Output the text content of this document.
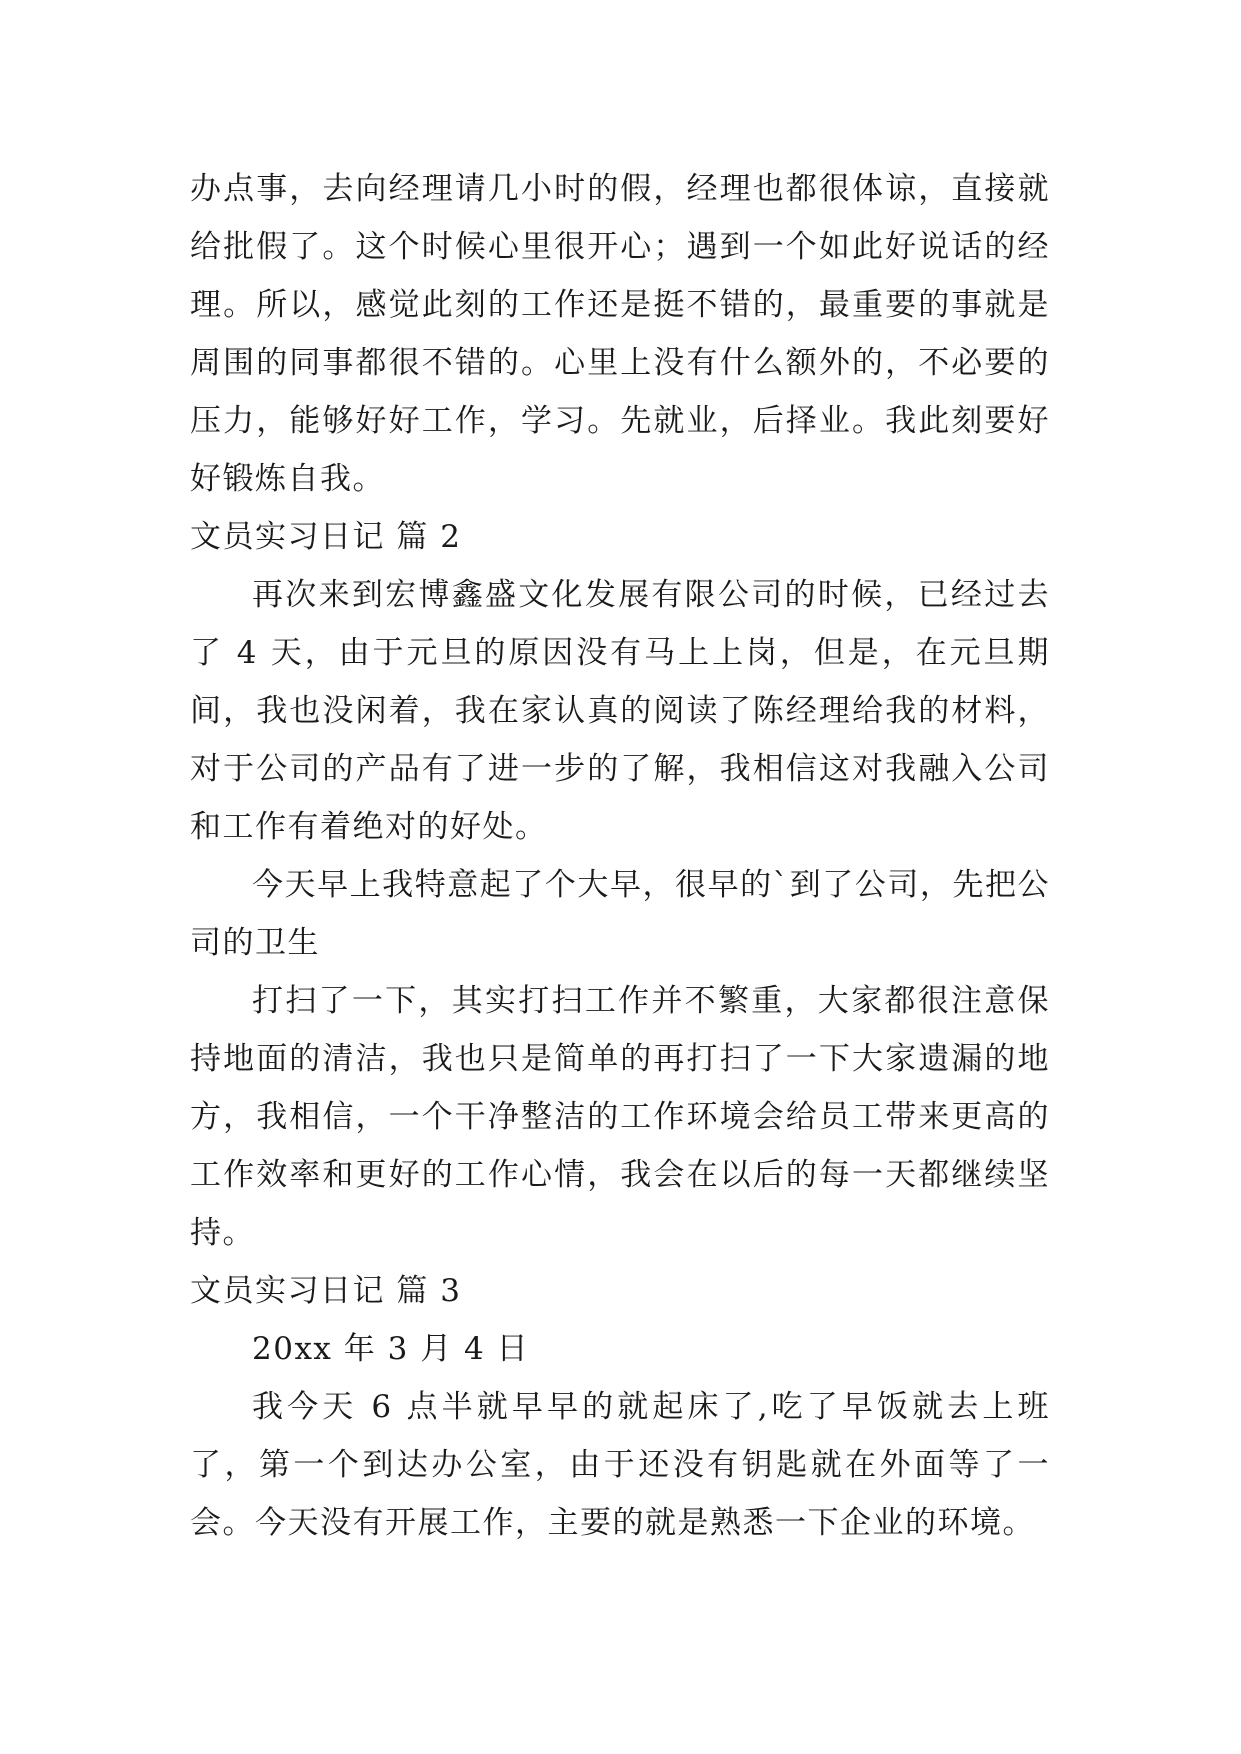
办点事，去向经理请几小时的假，经理也都很体谅，直接就给批假了。这个时候心里很开心；遇到一个如此好说话的经理。所以，感觉此刻的工作还是挺不错的，最重要的事就是周围的同事都很不错的。心里上没有什么额外的，不必要的压力，能够好好工作，学习。先就业，后择业。我此刻要好好锻炼自我。

文员实习日记 篇 2

再次来到宏博鑫盛文化发展有限公司的时候，已经过去了 4 天，由于元旦的原因没有马上上岗，但是，在元旦期间，我也没闲着，我在家认真的阅读了陈经理给我的材料，对于公司的产品有了进一步的了解，我相信这对我融入公司和工作有着绝对的好处。

今天早上我特意起了个大早，很早的`到了公司，先把公司的卫生

打扫了一下，其实打扫工作并不繁重，大家都很注意保持地面的清洁，我也只是简单的再打扫了一下大家遗漏的地方，我相信，一个干净整洁的工作环境会给员工带来更高的工作效率和更好的工作心情，我会在以后的每一天都继续坚持。

文员实习日记 篇 3

20xx 年 3 月 4 日

我今天 6 点半就早早的就起床了,吃了早饭就去上班了，第一个到达办公室，由于还没有钥匙就在外面等了一会。今天没有开展工作，主要的就是熟悉一下企业的环境。
